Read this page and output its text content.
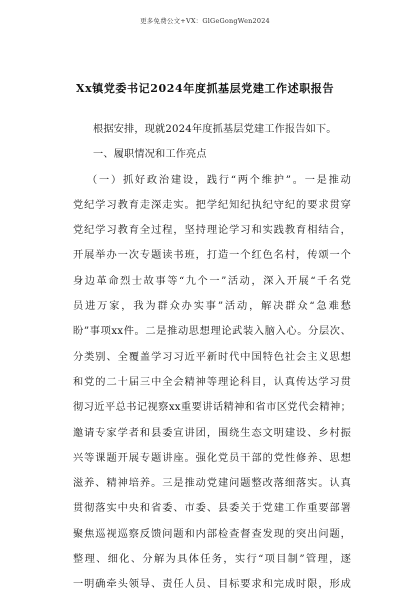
更多免费公文+VX：GlGeGongWen2024
Xx镇党委书记2024年度抓基层党建工作述职报告
根据安排，现就2024年度抓基层党建工作报告如下。
一、履职情况和工作亮点
（一）抓好政治建设，践行“两个维护”。一是推动
党纪学习教育走深走实。把学纪知纪执纪守纪的要求贯穿
党纪学习教育全过程，坚持理论学习和实践教育相结合，
开展举办一次专题读书班，打造一个红色名村，传颂一个
身边革命烈士故事等“九个一”活动，深入开展“千名党
员进万家，我为群众办实事”活动，解决群众“急难愁
盼”事项xx件。二是推动思想理论武装入脑入心。分层次、
分类别、全覆盖学习习近平新时代中国特色社会主义思想
和党的二十届三中全会精神等理论科目，认真传达学习贯
彻习近平总书记视察xx重要讲话精神和省市区党代会精神；
邀请专家学者和县委宣讲团，围绕生态文明建设、乡村振
兴等课题开展专题讲座。强化党员干部的党性修养、思想
滋养、精神培养。三是推动党建问题整改落细落实。认真
贯彻落实中央和省委、市委、县委关于党建工作重要部署
聚焦巡视巡察反馈问题和内部检查督查发现的突出问题，
整理、细化、分解为具体任务，实行“项目制”管理，逐
一明确牵头领导、责任人员、目标要求和完成时限，形成
